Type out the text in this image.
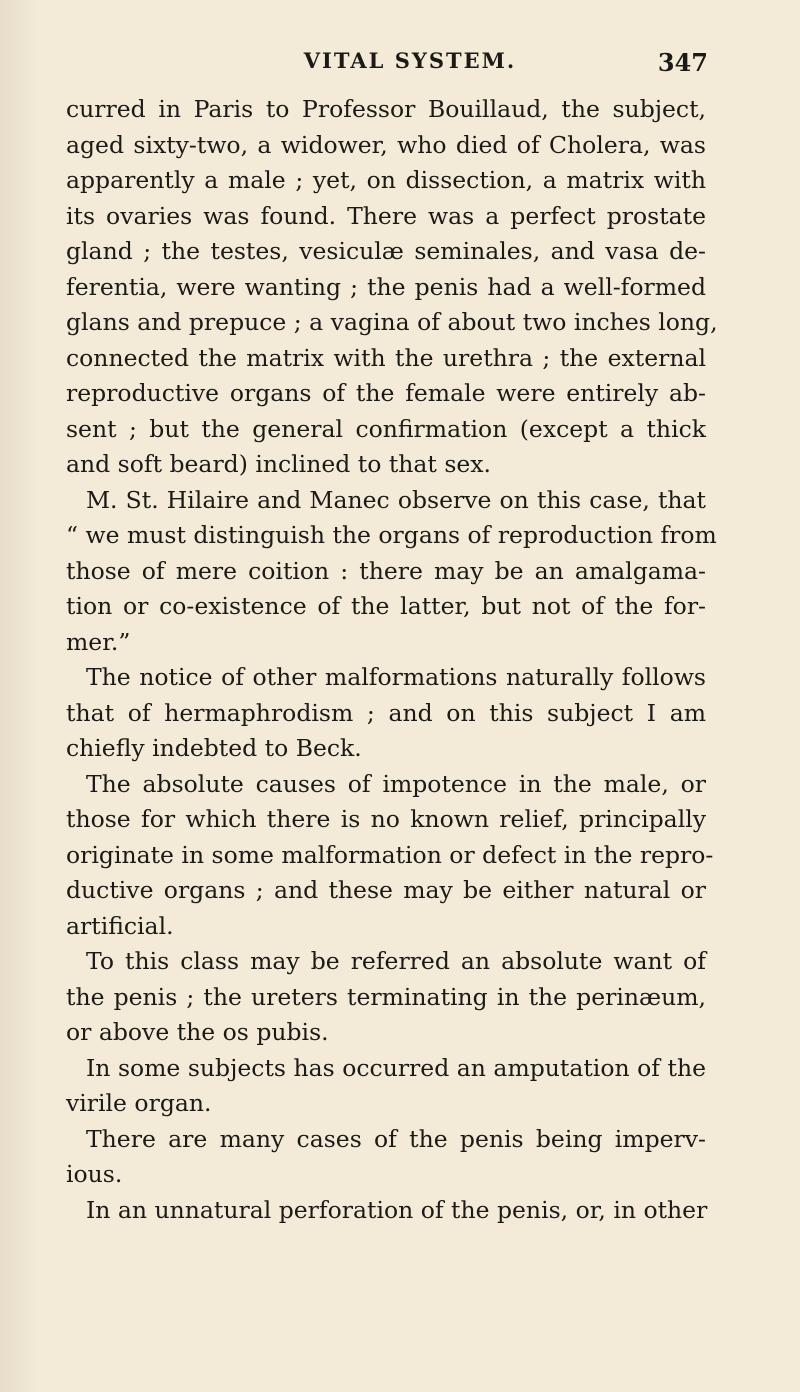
VITAL SYSTEM.	347
curred in Paris to Professor Bouillaud, the subject,
aged sixty-two, a widower, who died of Cholera, was
apparently a male ; yet, on dissection, a matrix with
its ovaries was found. There was a perfect prostate
gland ; the testes, vesiculæ seminales, and vasa de-
ferentia, were wanting ; the penis had a well-formed
glans and prepuce ; a vagina of about two inches long,
connected the matrix with the urethra ; the external
reproductive organs of the female were entirely ab-
sent ; but the general confirmation (except a thick
and soft beard) inclined to that sex.
M. St. Hilaire and Manec observe on this case, that
“ we must distinguish the organs of reproduction from
those of mere coition : there may be an amalgama-
tion or co-existence of the latter, but not of the for-
mer.”
The notice of other malformations naturally follows
that of hermaphrodism ; and on this subject I am
chiefly indebted to Beck.
The absolute causes of impotence in the male, or
those for which there is no known relief, principally
originate in some malformation or defect in the repro-
ductive organs ; and these may be either natural or
artificial.
To this class may be referred an absolute want of
the penis ; the ureters terminating in the perinæum,
or above the os pubis.
In some subjects has occurred an amputation of the
virile organ.
There are many cases of the penis being imperv-
ious.
In an unnatural perforation of the penis, or, in other
